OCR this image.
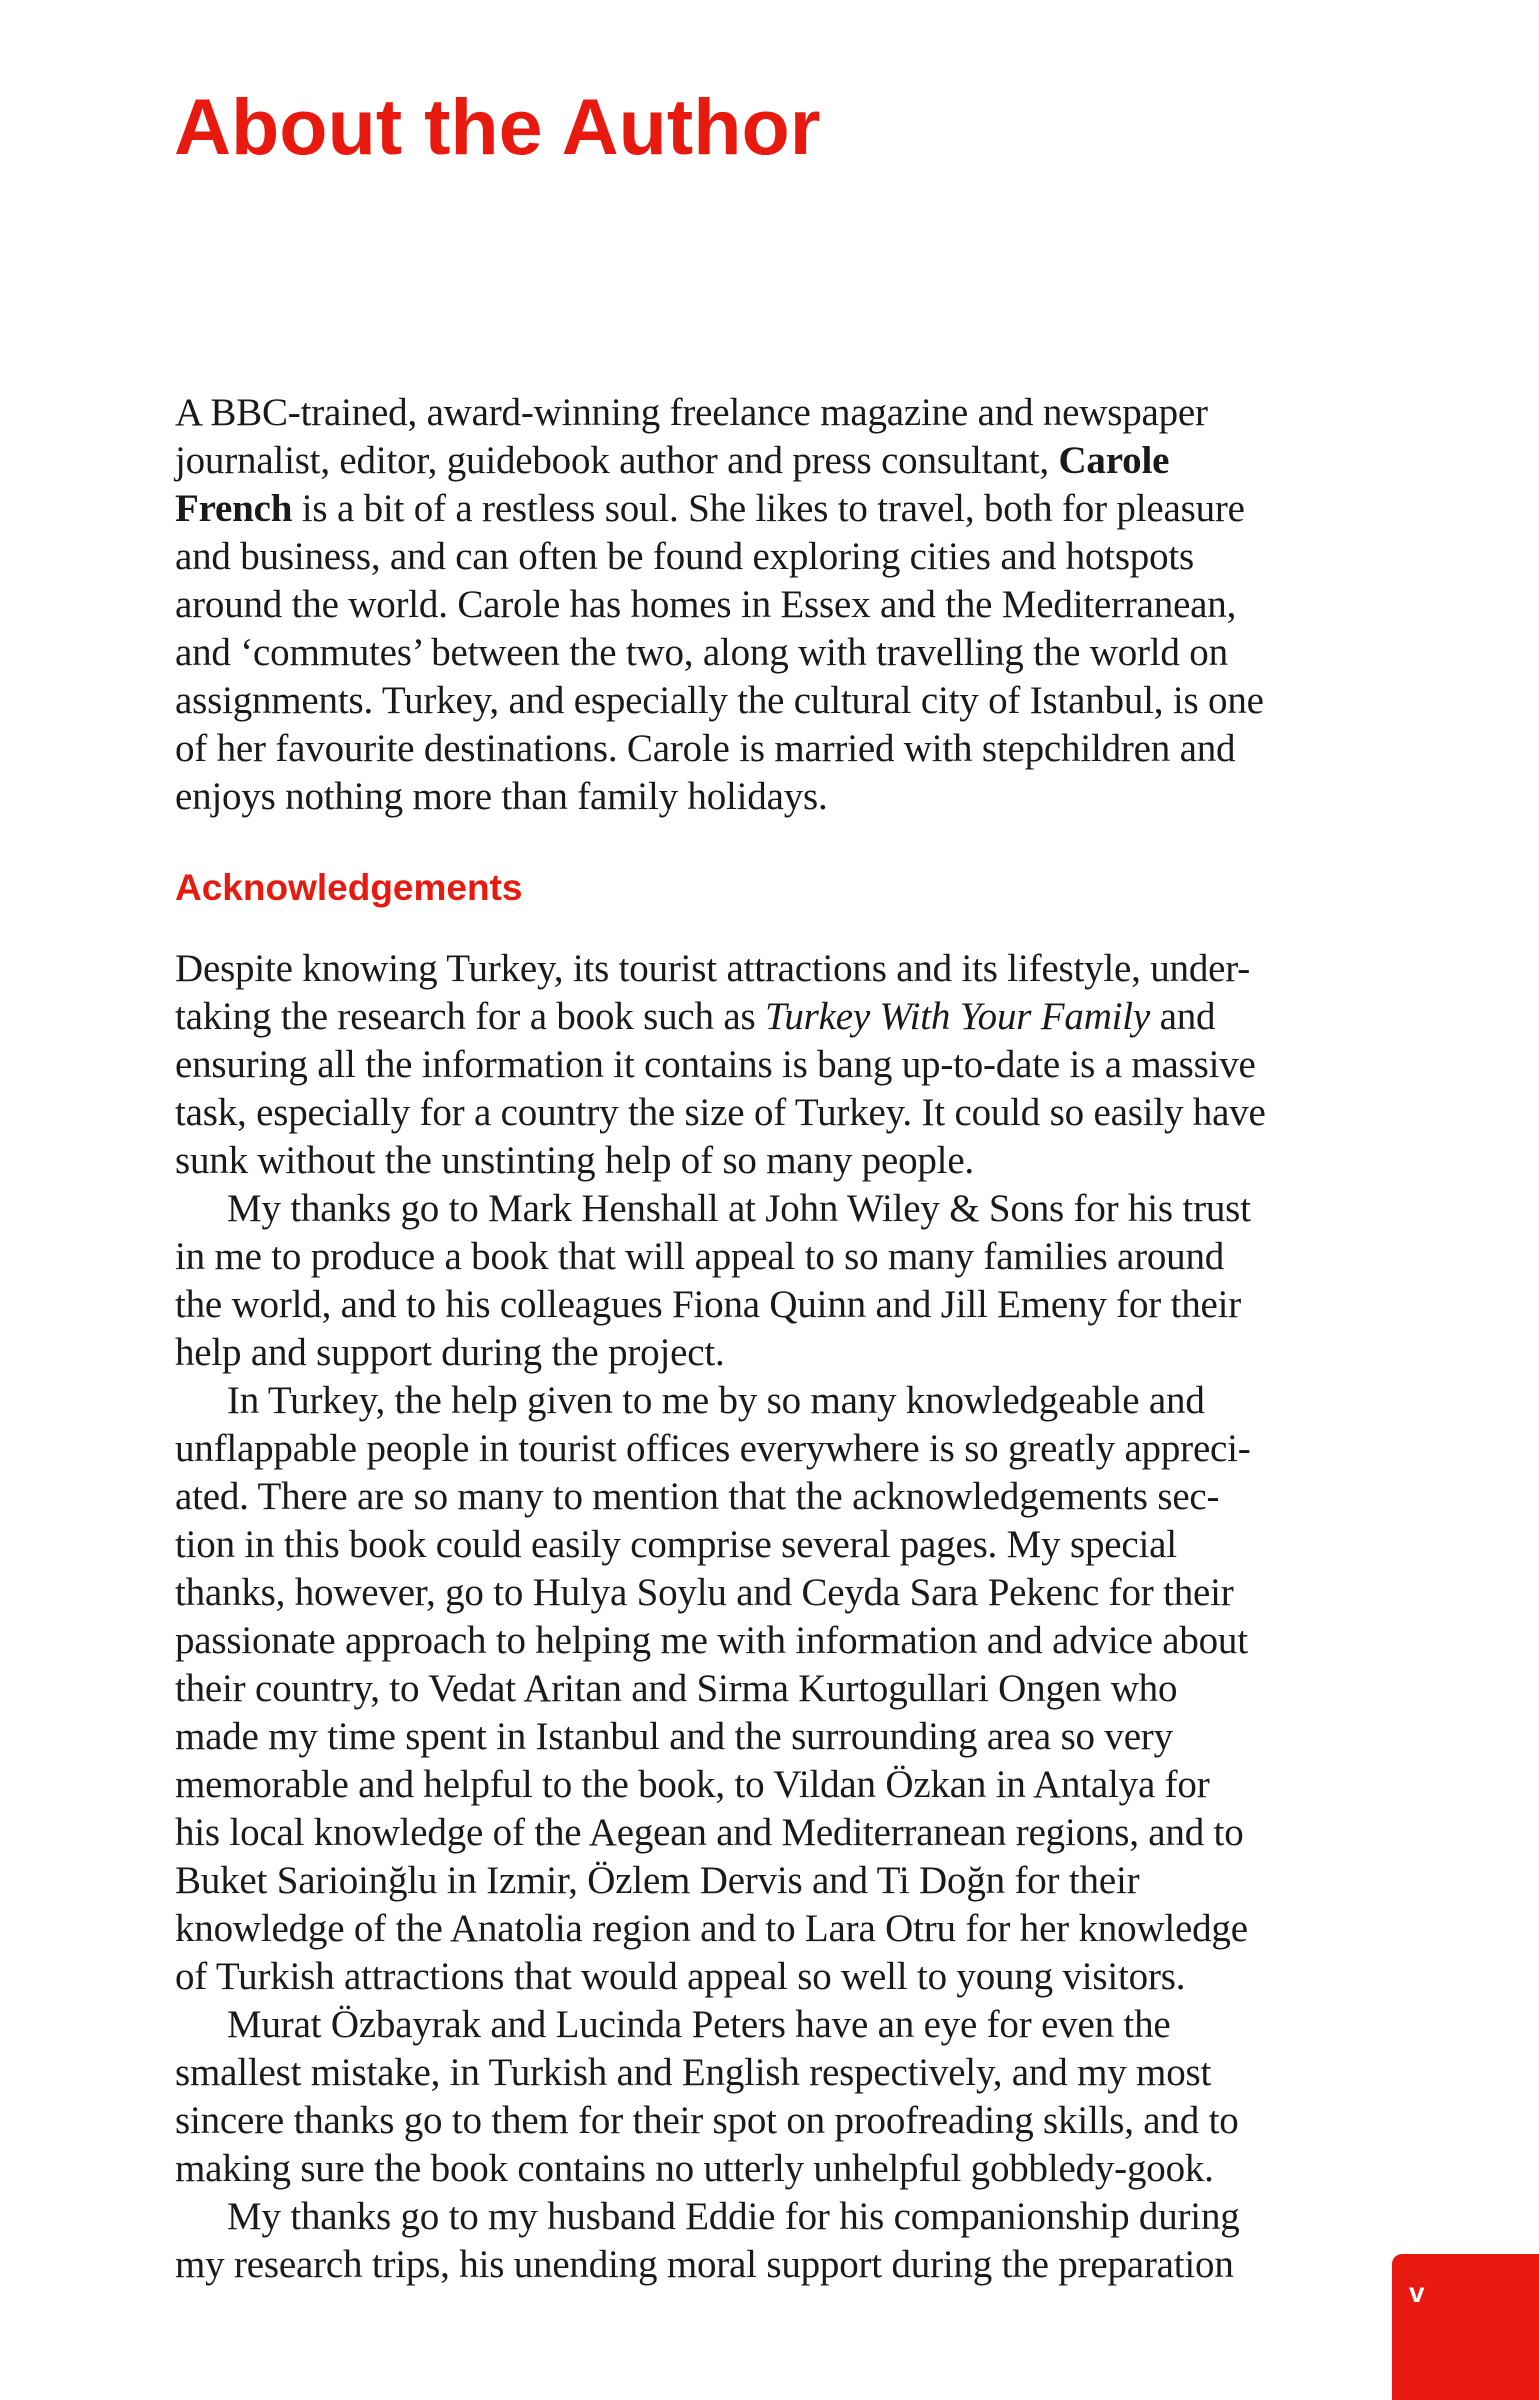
About the Author
A BBC-trained, award-winning freelance magazine and newspaper
journalist, editor, guidebook author and press consultant, Carole
French is a bit of a restless soul. She likes to travel, both for pleasure
and business, and can often be found exploring cities and hotspots
around the world. Carole has homes in Essex and the Mediterranean,
and ‘commutes’ between the two, along with travelling the world on
assignments. Turkey, and especially the cultural city of Istanbul, is one
of her favourite destinations. Carole is married with stepchildren and
enjoys nothing more than family holidays.
Acknowledgements
Despite knowing Turkey, its tourist attractions and its lifestyle, under-
taking the research for a book such as Turkey With Your Family and
ensuring all the information it contains is bang up-to-date is a massive
task, especially for a country the size of Turkey. It could so easily have
sunk without the unstinting help of so many people.
My thanks go to Mark Henshall at John Wiley & Sons for his trust
in me to produce a book that will appeal to so many families around
the world, and to his colleagues Fiona Quinn and Jill Emeny for their
help and support during the project.
In Turkey, the help given to me by so many knowledgeable and
unflappable people in tourist offices everywhere is so greatly appreci-
ated. There are so many to mention that the acknowledgements sec-
tion in this book could easily comprise several pages. My special
thanks, however, go to Hulya Soylu and Ceyda Sara Pekenc for their
passionate approach to helping me with information and advice about
their country, to Vedat Aritan and Sirma Kurtogullari Ongen who
made my time spent in Istanbul and the surrounding area so very
memorable and helpful to the book, to Vildan Özkan in Antalya for
his local knowledge of the Aegean and Mediterranean regions, and to
Buket Sarioinğlu in Izmir, Özlem Dervis and Ti Doğn for their
knowledge of the Anatolia region and to Lara Otru for her knowledge
of Turkish attractions that would appeal so well to young visitors.
Murat Özbayrak and Lucinda Peters have an eye for even the
smallest mistake, in Turkish and English respectively, and my most
sincere thanks go to them for their spot on proofreading skills, and to
making sure the book contains no utterly unhelpful gobbledy-gook.
My thanks go to my husband Eddie for his companionship during
my research trips, his unending moral support during the preparation
v
